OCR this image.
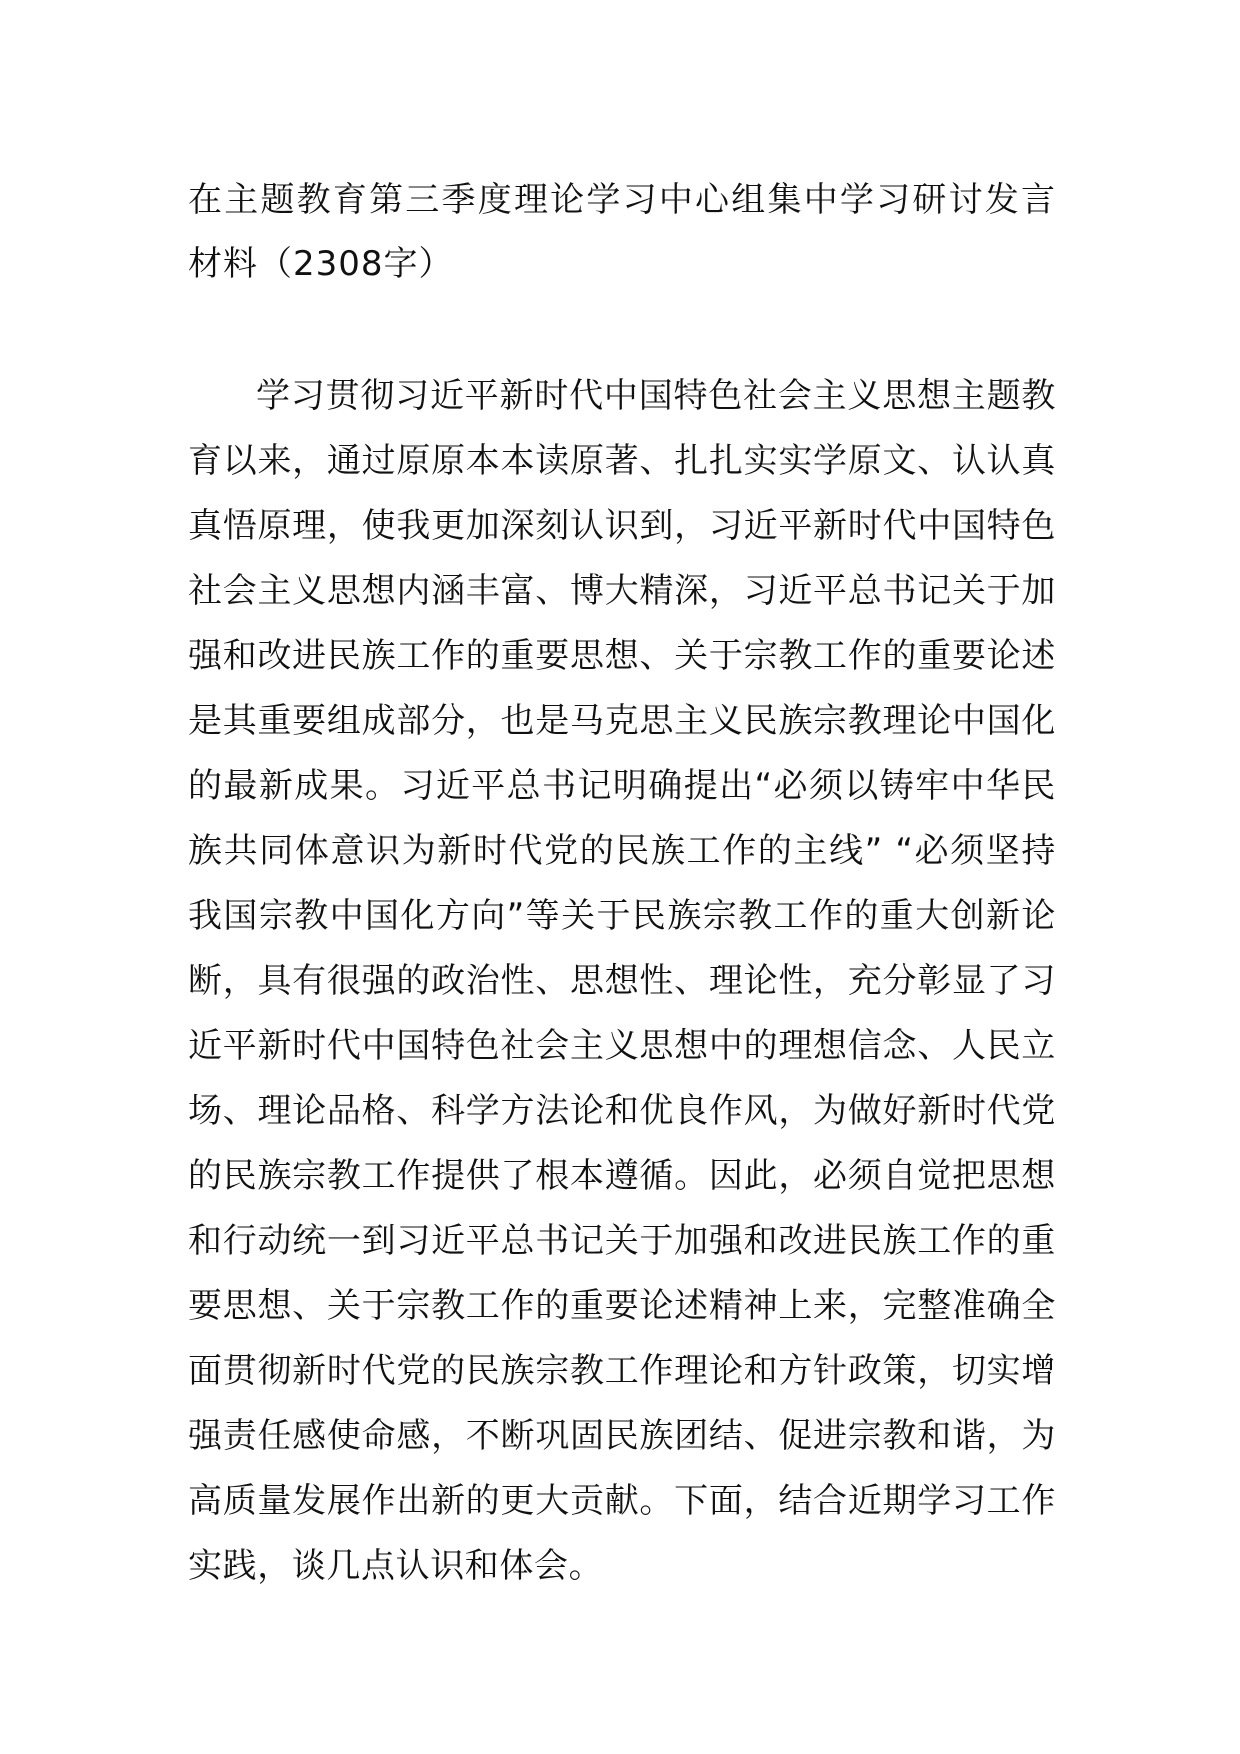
在主题教育第三季度理论学习中心组集中学习研讨发言材料（2308字）

学习贯彻习近平新时代中国特色社会主义思想主题教育以来，通过原原本本读原著、扎扎实实学原文、认认真真悟原理，使我更加深刻认识到，习近平新时代中国特色社会主义思想内涵丰富、博大精深，习近平总书记关于加强和改进民族工作的重要思想、关于宗教工作的重要论述是其重要组成部分，也是马克思主义民族宗教理论中国化的最新成果。习近平总书记明确提出“必须以铸牢中华民族共同体意识为新时代党的民族工作的主线” “必须坚持我国宗教中国化方向”等关于民族宗教工作的重大创新论断，具有很强的政治性、思想性、理论性，充分彰显了习近平新时代中国特色社会主义思想中的理想信念、人民立场、理论品格、科学方法论和优良作风，为做好新时代党的民族宗教工作提供了根本遵循。因此，必须自觉把思想和行动统一到习近平总书记关于加强和改进民族工作的重要思想、关于宗教工作的重要论述精神上来，完整准确全面贯彻新时代党的民族宗教工作理论和方针政策，切实增强责任感使命感，不断巩固民族团结、促进宗教和谐，为高质量发展作出新的更大贡献。下面，结合近期学习工作实践，谈几点认识和体会。
